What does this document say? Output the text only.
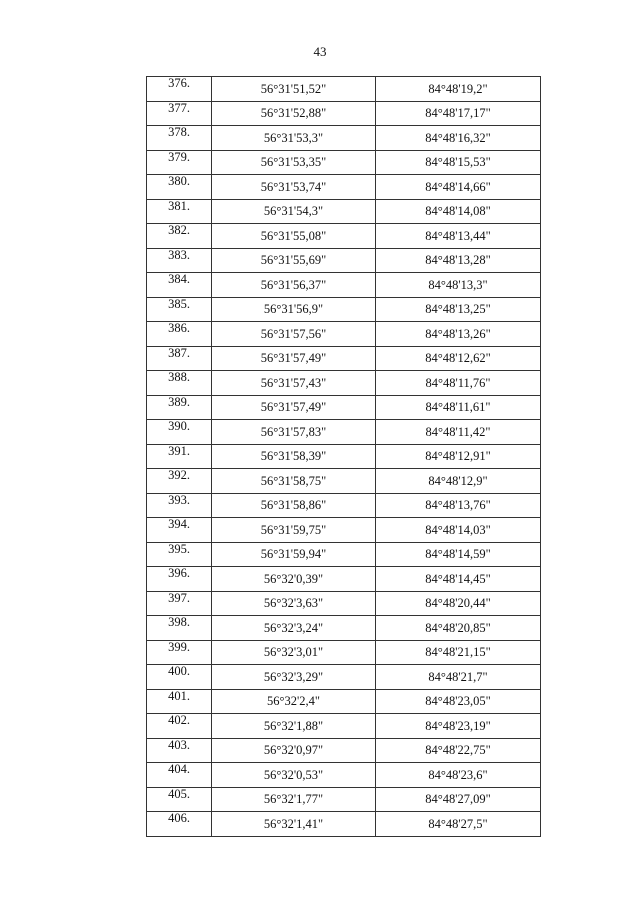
43
376.	56°31'51,52"	84°48'19,2"
377.	56°31'52,88"	84°48'17,17"
378.	56°31'53,3"	84°48'16,32"
379.	56°31'53,35"	84°48'15,53"
380.	56°31'53,74"	84°48'14,66"
381.	56°31'54,3"	84°48'14,08"
382.	56°31'55,08"	84°48'13,44"
383.	56°31'55,69"	84°48'13,28"
384.	56°31'56,37"	84°48'13,3"
385.	56°31'56,9"	84°48'13,25"
386.	56°31'57,56"	84°48'13,26"
387.	56°31'57,49"	84°48'12,62"
388.	56°31'57,43"	84°48'11,76"
389.	56°31'57,49"	84°48'11,61"
390.	56°31'57,83"	84°48'11,42"
391.	56°31'58,39"	84°48'12,91"
392.	56°31'58,75"	84°48'12,9"
393.	56°31'58,86"	84°48'13,76"
394.	56°31'59,75"	84°48'14,03"
395.	56°31'59,94"	84°48'14,59"
396.	56°32'0,39"	84°48'14,45"
397.	56°32'3,63"	84°48'20,44"
398.	56°32'3,24"	84°48'20,85"
399.	56°32'3,01"	84°48'21,15"
400.	56°32'3,29"	84°48'21,7"
401.	56°32'2,4"	84°48'23,05"
402.	56°32'1,88"	84°48'23,19"
403.	56°32'0,97"	84°48'22,75"
404.	56°32'0,53"	84°48'23,6"
405.	56°32'1,77"	84°48'27,09"
406.	56°32'1,41"	84°48'27,5"
